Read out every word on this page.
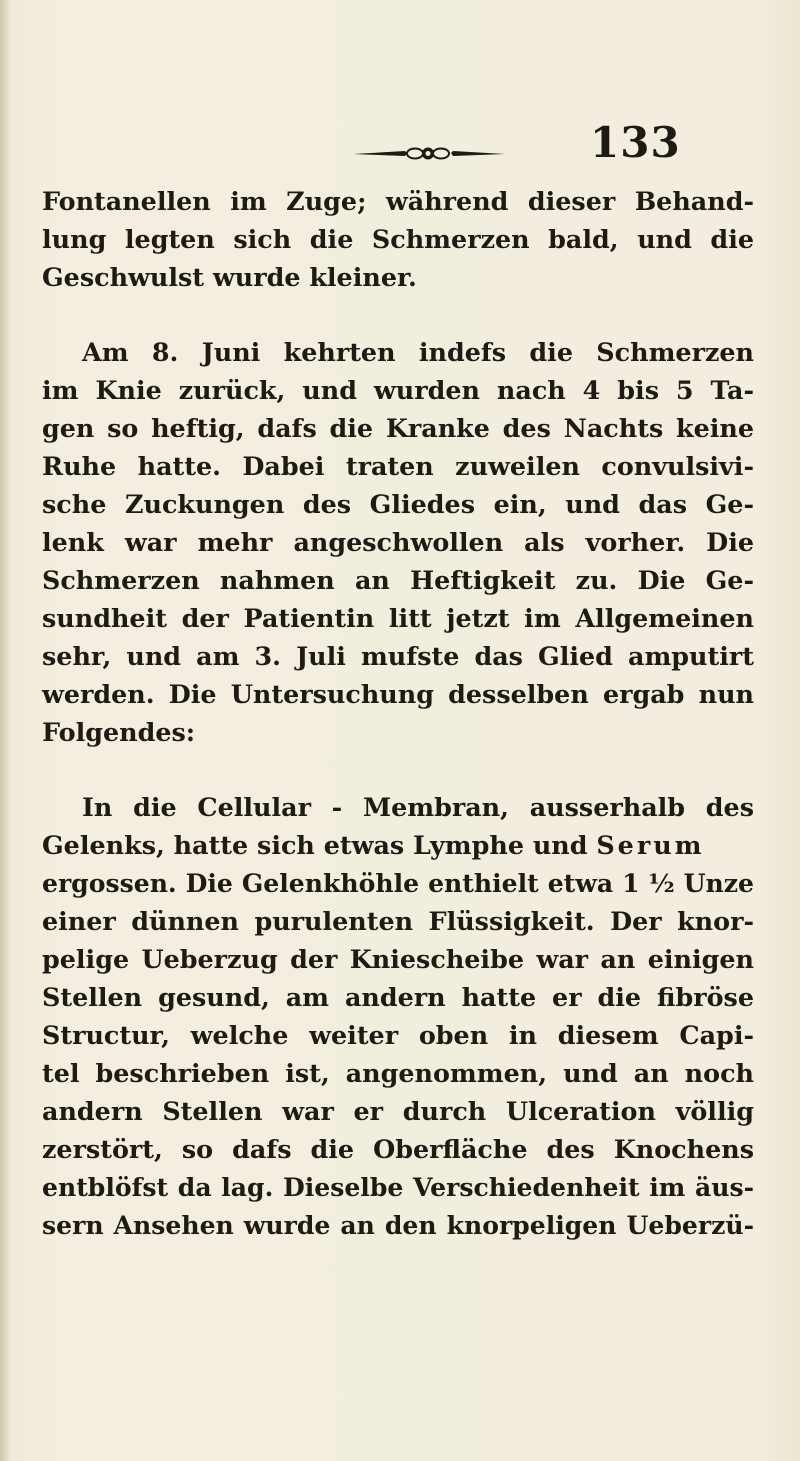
133
Fontanellen im Zuge; während dieser Behand-
lung legten sich die Schmerzen bald, und die
Geschwulst wurde kleiner.
Am 8. Juni kehrten indefs die Schmerzen
im Knie zurück, und wurden nach 4 bis 5 Ta-
gen so heftig, dafs die Kranke des Nachts keine
Ruhe hatte. Dabei traten zuweilen convulsivi-
sche Zuckungen des Gliedes ein, und das Ge-
lenk war mehr angeschwollen als vorher. Die
Schmerzen nahmen an Heftigkeit zu. Die Ge-
sundheit der Patientin litt jetzt im Allgemeinen
sehr, und am 3. Juli mufste das Glied amputirt
werden. Die Untersuchung desselben ergab nun
Folgendes:
In die Cellular - Membran, ausserhalb des
Gelenks, hatte sich etwas Lymphe und Serum
ergossen. Die Gelenkhöhle enthielt etwa 1 ½ Unze
einer dünnen purulenten Flüssigkeit. Der knor-
pelige Ueberzug der Kniescheibe war an einigen
Stellen gesund, am andern hatte er die fibröse
Structur, welche weiter oben in diesem Capi-
tel beschrieben ist, angenommen, und an noch
andern Stellen war er durch Ulceration völlig
zerstört, so dafs die Oberfläche des Knochens
entblöfst da lag. Dieselbe Verschiedenheit im äus-
sern Ansehen wurde an den knorpeligen Ueberzü-
